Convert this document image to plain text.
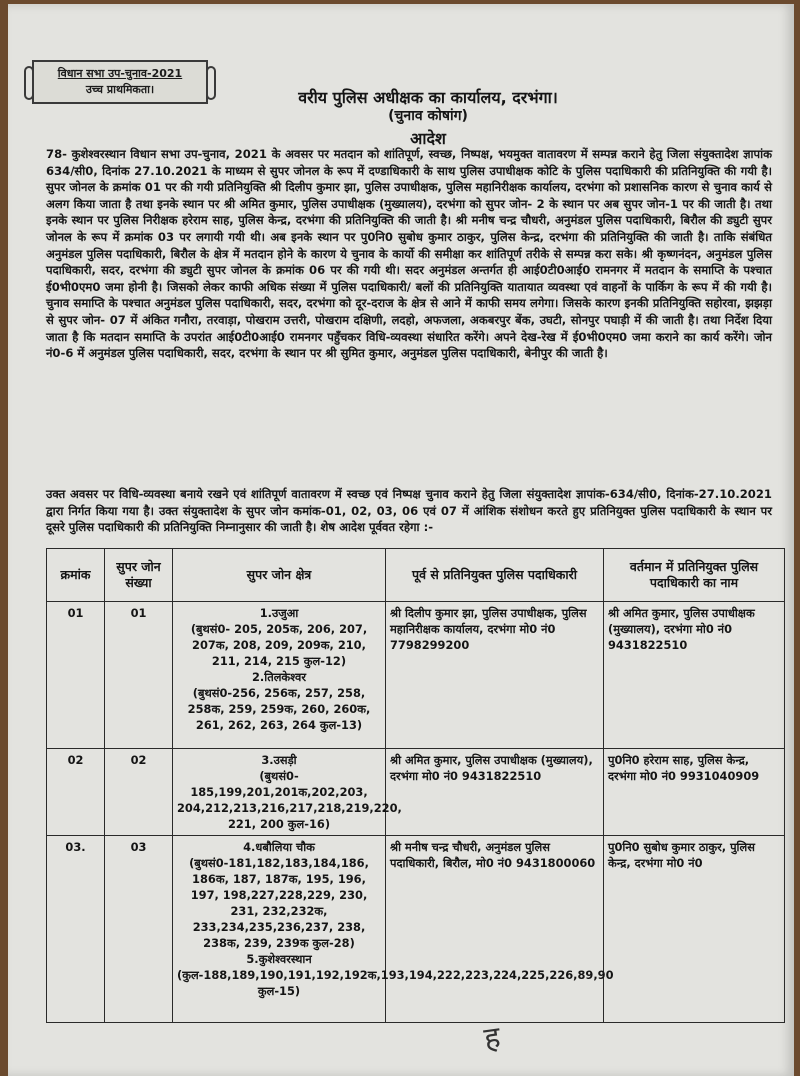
विधान सभा उप-चुनाव-2021
उच्च प्राथमिकता।	वरीय पुलिस अधीक्षक का कार्यालय, दरभंगा।
(चुनाव कोषांग)
आदेश
78- कुशेश्वरस्थान विधान सभा उप-चुनाव, 2021 के अवसर पर मतदान को शांतिपूर्ण, स्वच्छ, निष्पक्ष, भयमुक्त वातावरण में सम्पन्न कराने हेतु जिला संयुक्तादेश ज्ञापांक 634/सी0, दिनांक 27.10.2021 के माध्यम से सुपर जोनल के रूप में दण्डाधिकारी के साथ पुलिस उपाधीक्षक कोटि के पुलिस पदाधिकारी की प्रतिनियुक्ति की गयी है। सुपर जोनल के क्रमांक 01 पर की गयी प्रतिनियुक्ति श्री दिलीप कुमार झा, पुलिस उपाधीक्षक, पुलिस महानिरीक्षक कार्यालय, दरभंगा को प्रशासनिक कारण से चुनाव कार्य से अलग किया जाता है तथा इनके स्थान पर श्री अमित कुमार, पुलिस उपाधीक्षक (मुख्यालय), दरभंगा को सुपर जोन- 2 के स्थान पर अब सुपर जोन-1 पर की जाती है। तथा इनके स्थान पर पुलिस निरीक्षक हरेराम साह, पुलिस केन्द्र, दरभंगा की प्रतिनियुक्ति की जाती है। श्री मनीष चन्द्र चौधरी, अनुमंडल पुलिस पदाधिकारी, बिरौल की ड्युटी सुपर जोनल के रूप में क्रमांक 03 पर लगायी गयी थी। अब इनके स्थान पर पु0नि0 सुबोध कुमार ठाकुर, पुलिस केन्द्र, दरभंगा की प्रतिनियुक्ति की जाती है। ताकि संबंधित अनुमंडल पुलिस पदाधिकारी, बिरौल के क्षेत्र में मतदान होने के कारण ये चुनाव के कार्यो की समीक्षा कर शांतिपूर्ण तरीके से सम्पन्न करा सके। श्री कृष्णनंदन, अनुमंडल पुलिस पदाधिकारी, सदर, दरभंगा की ड्युटी सुपर जोनल के क्रमांक 06 पर की गयी थी। सदर अनुमंडल अन्तर्गत ही आई0टी0आई0 रामनगर में मतदान के समाप्ति के पश्चात ई0भी0एम0 जमा होनी है। जिसको लेकर काफी अधिक संख्या में पुलिस पदाधिकारी/ बलों की प्रतिनियुक्ति यातायात व्यवस्था एवं वाहनों के पार्किग के रूप में की गयी है। चुनाव समाप्ति के पश्चात अनुमंडल पुलिस पदाधिकारी, सदर, दरभंगा को दूर-दराज के क्षेत्र से आने में काफी समय लगेगा। जिसके कारण इनकी प्रतिनियुक्ति सहोरवा, झझड़ा से सुपर जोन- 07 में अंकित गनौरा, तरवाड़ा, पोखराम उत्तरी, पोखराम दक्षिणी, लदहो, अफजला, अकबरपुर बेंक, उघटी, सोनपुर पघाड़ी में की जाती है। तथा निर्देश दिया जाता है कि मतदान समाप्ति के उपरांत आई0टी0आई0 रामनगर पहुँचकर विधि-व्यवस्था संधारित करेंगे। अपने देख-रेख में ई0भी0एम0 जमा कराने का कार्य करेंगे। जोन नं0-6 में अनुमंडल पुलिस पदाधिकारी, सदर, दरभंगा के स्थान पर श्री सुमित कुमार, अनुमंडल पुलिस पदाधिकारी, बेनीपुर की जाती है।
उक्त अवसर पर विधि-व्यवस्था बनाये रखने एवं शांतिपूर्ण वातावरण में स्वच्छ एवं निष्पक्ष चुनाव कराने हेतु जिला संयुक्तादेश ज्ञापांक-634/सी0, दिनांक-27.10.2021 द्वारा निर्गत किया गया है। उक्त संयुक्तादेश के सुपर जोन कमांक-01, 02, 03, 06 एवं 07 में आंशिक संशोधन करते हुए प्रतिनियुक्त पुलिस पदाधिकारी के स्थान पर दूसरे पुलिस पदाधिकारी की प्रतिनियुक्ति निम्नानुसार की जाती है। शेष आदेश पूर्ववत रहेगा :-
क्रमांक	सुपर जोन संख्या	सुपर जोन क्षेत्र	पूर्व से प्रतिनियुक्त पुलिस पदाधिकारी	वर्तमान में प्रतिनियुक्त पुलिस पदाधिकारी का नाम
01	01	1.उजुआ
(बुथसं0- 205, 205क, 206, 207, 207क, 208, 209, 209क, 210, 211, 214, 215 कुल-12)
2.तिलकेश्वर
(बुथसं0-256, 256क, 257, 258, 258क, 259, 259क, 260, 260क, 261, 262, 263, 264 कुल-13)	श्री दिलीप कुमार झा, पुलिस उपाधीक्षक, पुलिस महानिरीक्षक कार्यालय, दरभंगा मो0 नं0 7798299200	श्री अमित कुमार, पुलिस उपाधीक्षक (मुख्यालय), दरभंगा मो0 नं0 9431822510
02	02	3.उसड़ी
(बुथसं0-185,199,201,201क,202,203, 204,212,213,216,217,218,219,220, 221, 200 कुल-16)	श्री अमित कुमार, पुलिस उपाधीक्षक (मुख्यालय), दरभंगा मो0 नं0 9431822510	पु0नि0 हरेराम साह, पुलिस केन्द्र, दरभंगा मो0 नं0 9931040909
03.	03	4.धबौलिया चौक
(बुथसं0-181,182,183,184,186, 186क, 187, 187क, 195, 196, 197, 198,227,228,229, 230, 231, 232,232क, 233,234,235,236,237, 238, 238क, 239, 239क कुल-28)
5.कुशेश्वरस्थान
(कुल-188,189,190,191,192,192क,193,194,222,223,224,225,226,89,90 कुल-15)	श्री मनीष चन्द्र चौधरी, अनुमंडल पुलिस पदाधिकारी, बिरौल, मो0 नं0 9431800060	पु0नि0 सुबोध कुमार ठाकुर, पुलिस केन्द्र, दरभंगा मो0 नं0
ह
